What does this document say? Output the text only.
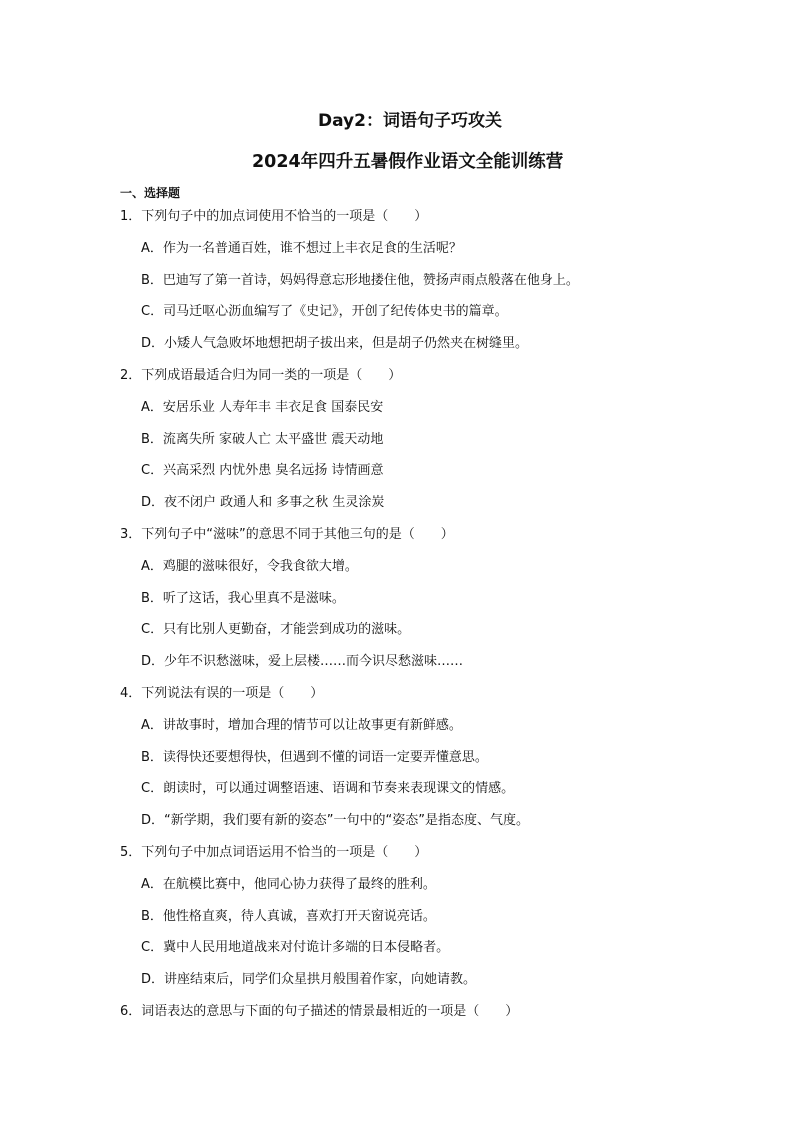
Day2：词语句子巧攻关
2024年四升五暑假作业语文全能训练营
一、选择题
1．下列句子中的加点词使用不恰当的一项是（　　）
A．作为一名普通百姓，谁不想过上丰衣足食的生活呢？
B．巴迪写了第一首诗，妈妈得意忘形地搂住他，赞扬声雨点般落在他身上。
C．司马迁呕心沥血编写了《史记》，开创了纪传体史书的篇章。
D．小矮人气急败坏地想把胡子拔出来，但是胡子仍然夹在树缝里。
2．下列成语最适合归为同一类的一项是（　　）
A．安居乐业 人寿年丰 丰衣足食 国泰民安
B．流离失所 家破人亡 太平盛世 震天动地
C．兴高采烈 内忧外患 臭名远扬 诗情画意
D．夜不闭户 政通人和 多事之秋 生灵涂炭
3．下列句子中“滋味”的意思不同于其他三句的是（　　）
A．鸡腿的滋味很好，令我食欲大增。
B．听了这话，我心里真不是滋味。
C．只有比别人更勤奋，才能尝到成功的滋味。
D．少年不识愁滋味，爱上层楼……而今识尽愁滋味……
4．下列说法有误的一项是（　　）
A．讲故事时，增加合理的情节可以让故事更有新鲜感。
B．读得快还要想得快，但遇到不懂的词语一定要弄懂意思。
C．朗读时，可以通过调整语速、语调和节奏来表现课文的情感。
D．“新学期，我们要有新的姿态”一句中的“姿态”是指态度、气度。
5．下列句子中加点词语运用不恰当的一项是（　　）
A．在航模比赛中，他同心协力获得了最终的胜利。
B．他性格直爽，待人真诚，喜欢打开天窗说亮话。
C．冀中人民用地道战来对付诡计多端的日本侵略者。
D．讲座结束后，同学们众星拱月般围着作家，向她请教。
6．词语表达的意思与下面的句子描述的情景最相近的一项是（　　）
